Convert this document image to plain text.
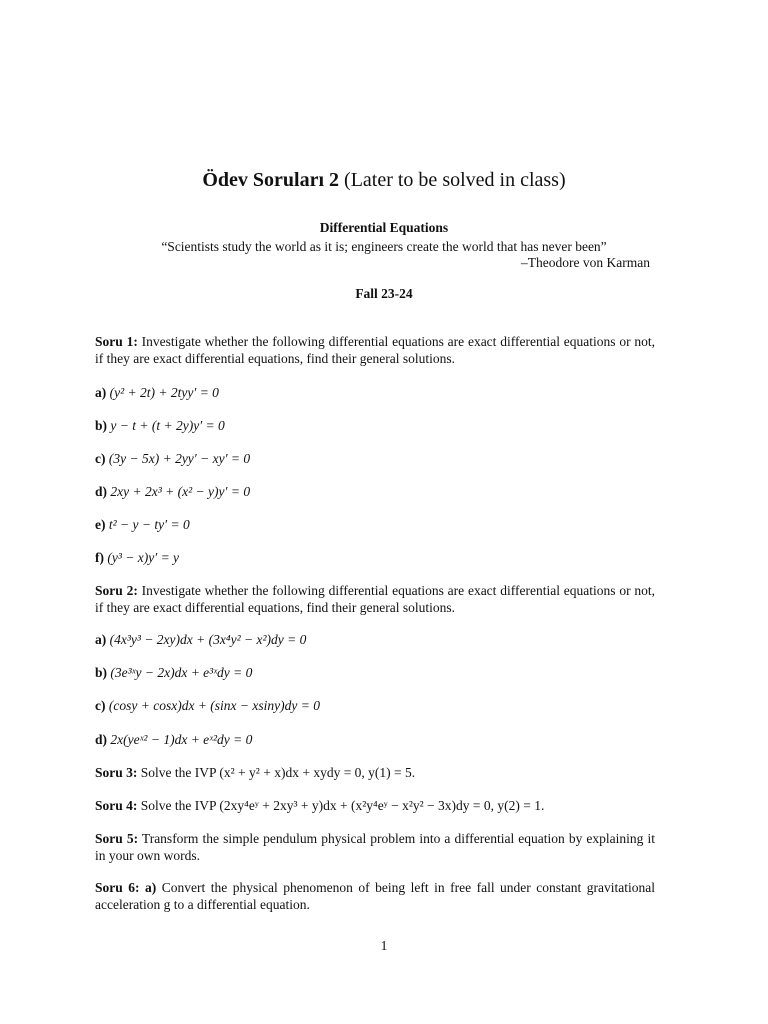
Ödev Soruları 2 (Later to be solved in class)
Differential Equations
“Scientists study the world as it is; engineers create the world that has never been”
–Theodore von Karman
Fall 23-24
Soru 1: Investigate whether the following differential equations are exact differential equations or not, if they are exact differential equations, find their general solutions.
a) (y² + 2t) + 2tyy′ = 0
b) y − t + (t + 2y)y′ = 0
c) (3y − 5x) + 2yy′ − xy′ = 0
d) 2xy + 2x³ + (x² − y)y′ = 0
e) t² − y − ty′ = 0
f) (y³ − x)y′ = y
Soru 2: Investigate whether the following differential equations are exact differential equations or not, if they are exact differential equations, find their general solutions.
a) (4x³y³ − 2xy)dx + (3x⁴y² − x²)dy = 0
b) (3e³ˣy − 2x)dx + e³ˣdy = 0
c) (cosy + cosx)dx + (sinx − xsiny)dy = 0
d) 2x(yeˣ² − 1)dx + eˣ²dy = 0
Soru 3: Solve the IVP (x² + y² + x)dx + xydy = 0, y(1) = 5.
Soru 4: Solve the IVP (2xy⁴eʸ + 2xy³ + y)dx + (x²y⁴eʸ − x²y² − 3x)dy = 0, y(2) = 1.
Soru 5: Transform the simple pendulum physical problem into a differential equation by explaining it in your own words.
Soru 6: a) Convert the physical phenomenon of being left in free fall under constant gravitational acceleration g to a differential equation.
1
